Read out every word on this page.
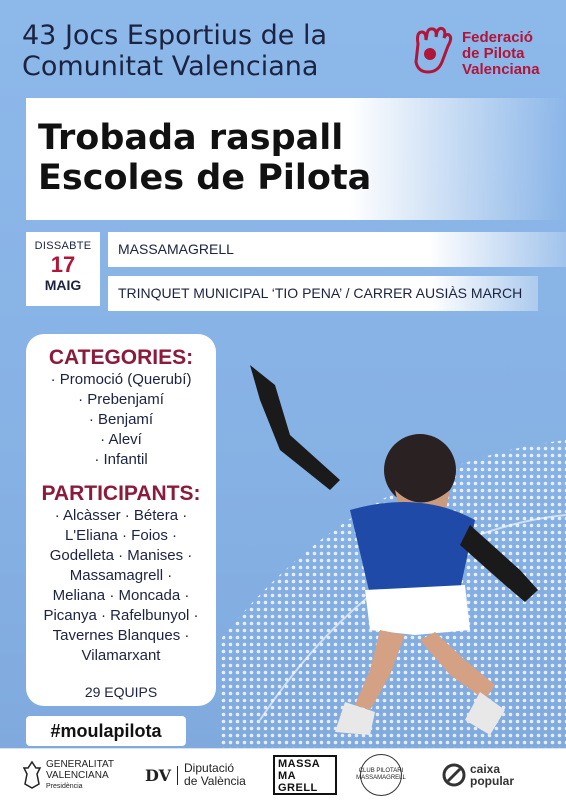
43 Jocs Esportius de la
Comunitat Valenciana
Federació
de Pilota
Valenciana
Trobada raspall
Escoles de Pilota
DISSABTE
17
MAIG
MASSAMAGRELL
TRINQUET MUNICIPAL ‘TIO PENA’ / CARRER AUSIÀS MARCH
CATEGORIES:
· Promoció (Querubí)
· Prebenjamí
· Benjamí
· Aleví
· Infantil
PARTICIPANTS:
· Alcàsser · Bétera ·
L'Eliana · Foios ·
Godelleta · Manises ·
Massamagrell ·
Meliana · Moncada ·
Picanya · Rafelbunyol ·
Tavernes Blanques ·
Vilamarxant
29 EQUIPS
#moulapilota
GENERALITAT
VALENCIANA
Presidència
DV	Diputació
de València
MASSA
MA
GRELL
CLUB PILOTARI MASSAMAGRELL
caixa
popular
